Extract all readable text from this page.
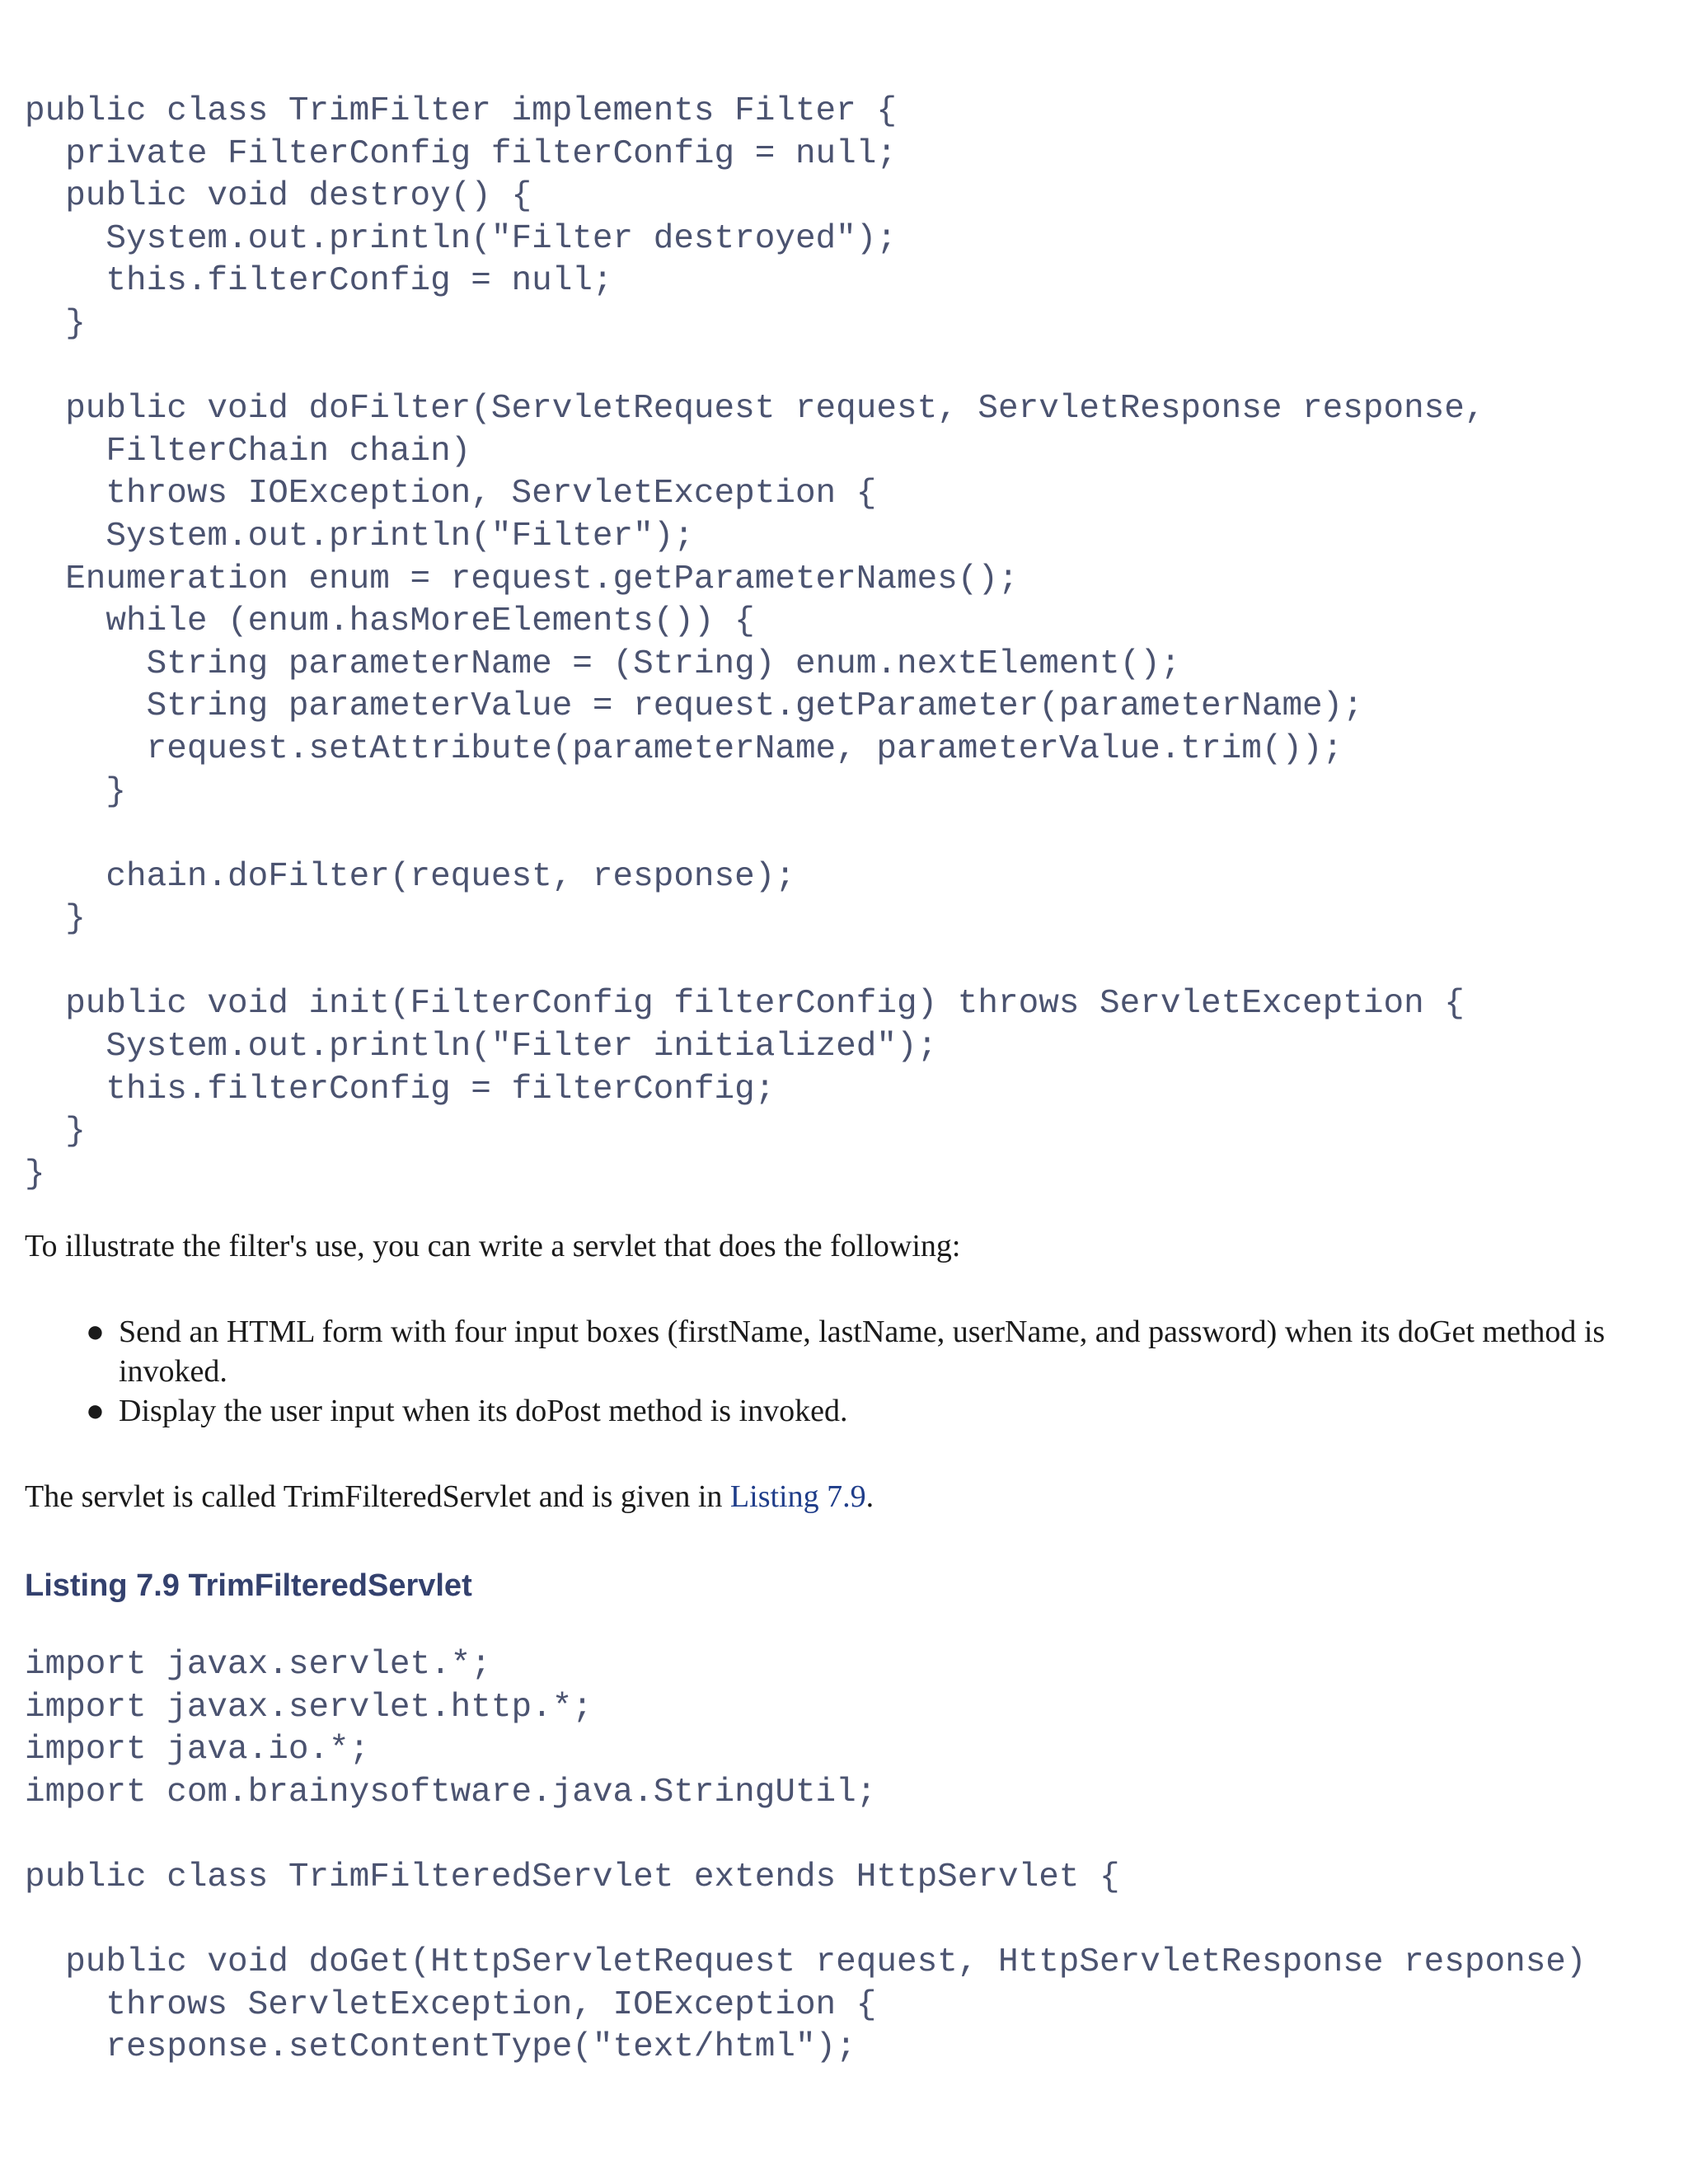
public class TrimFilter implements Filter {
private FilterConfig filterConfig = null;
public void destroy() {
System.out.println("Filter destroyed");
this.filterConfig = null;
}

public void doFilter(ServletRequest request, ServletResponse response,
FilterChain chain)
throws IOException, ServletException {
System.out.println("Filter");
Enumeration enum = request.getParameterNames();
while (enum.hasMoreElements()) {
String parameterName = (String) enum.nextElement();
String parameterValue = request.getParameter(parameterName);
request.setAttribute(parameterName, parameterValue.trim());
}

chain.doFilter(request, response);
}

public void init(FilterConfig filterConfig) throws ServletException {
System.out.println("Filter initialized");
this.filterConfig = filterConfig;
}
}

To illustrate the filter's use, you can write a servlet that does the following:

● Send an HTML form with four input boxes (firstName, lastName, userName, and password) when its doGet method is invoked.
● Display the user input when its doPost method is invoked.

The servlet is called TrimFilteredServlet and is given in Listing 7.9.

Listing 7.9 TrimFilteredServlet
import javax.servlet.*;
import javax.servlet.http.*;
import java.io.*;
import com.brainysoftware.java.StringUtil;

public class TrimFilteredServlet extends HttpServlet {

public void doGet(HttpServletRequest request, HttpServletResponse response)
throws ServletException, IOException {
response.setContentType("text/html");
